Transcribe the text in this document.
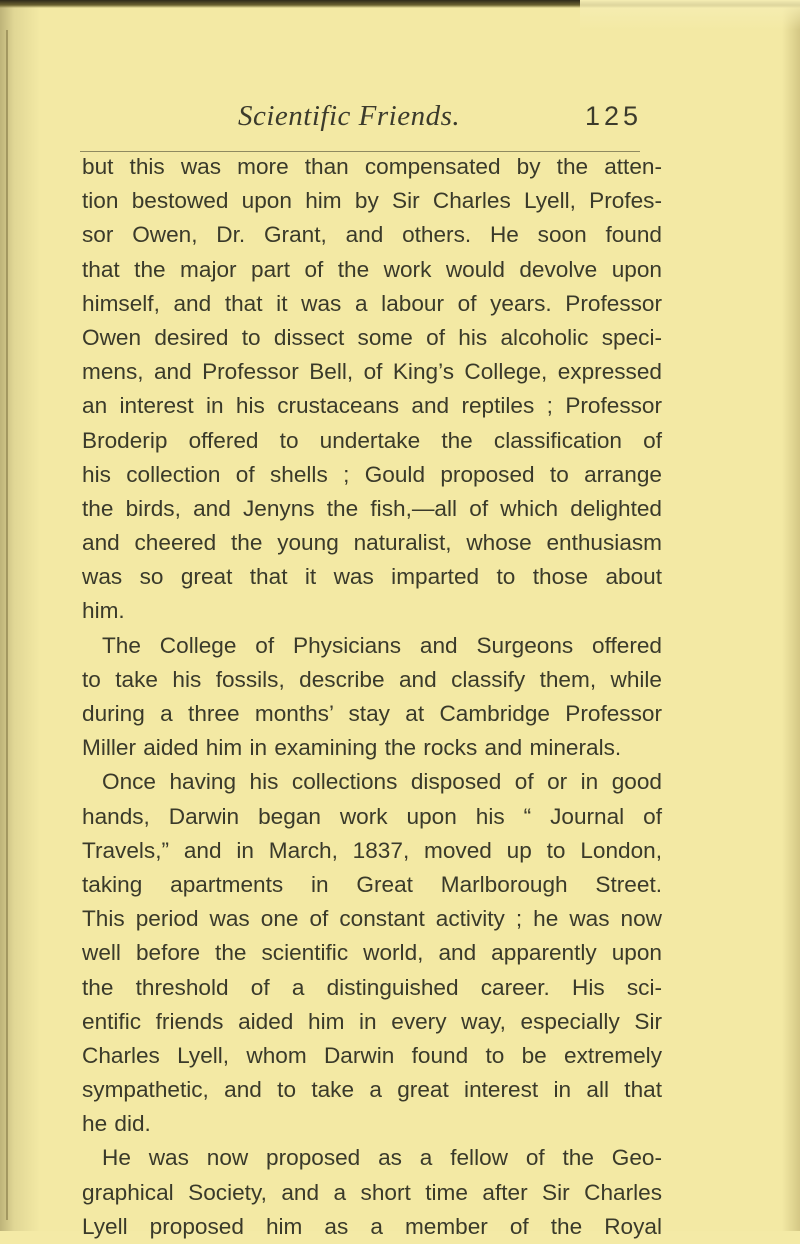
Scientific Friends.	125
but this was more than compensated by the atten-
tion bestowed upon him by Sir Charles Lyell, Profes-
sor Owen, Dr. Grant, and others. He soon found
that the major part of the work would devolve upon
himself, and that it was a labour of years. Professor
Owen desired to dissect some of his alcoholic speci-
mens, and Professor Bell, of King’s College, expressed
an interest in his crustaceans and reptiles ; Professor
Broderip offered to undertake the classification of
his collection of shells ; Gould proposed to arrange
the birds, and Jenyns the fish,—all of which delighted
and cheered the young naturalist, whose enthusiasm
was so great that it was imparted to those about
him.
The College of Physicians and Surgeons offered
to take his fossils, describe and classify them, while
during a three months’ stay at Cambridge Professor
Miller aided him in examining the rocks and minerals.
Once having his collections disposed of or in good
hands, Darwin began work upon his “ Journal of
Travels,” and in March, 1837, moved up to London,
taking apartments in Great Marlborough Street.
This period was one of constant activity ; he was now
well before the scientific world, and apparently upon
the threshold of a distinguished career. His sci-
entific friends aided him in every way, especially Sir
Charles Lyell, whom Darwin found to be extremely
sympathetic, and to take a great interest in all that
he did.
He was now proposed as a fellow of the Geo-
graphical Society, and a short time after Sir Charles
Lyell proposed him as a member of the Royal
